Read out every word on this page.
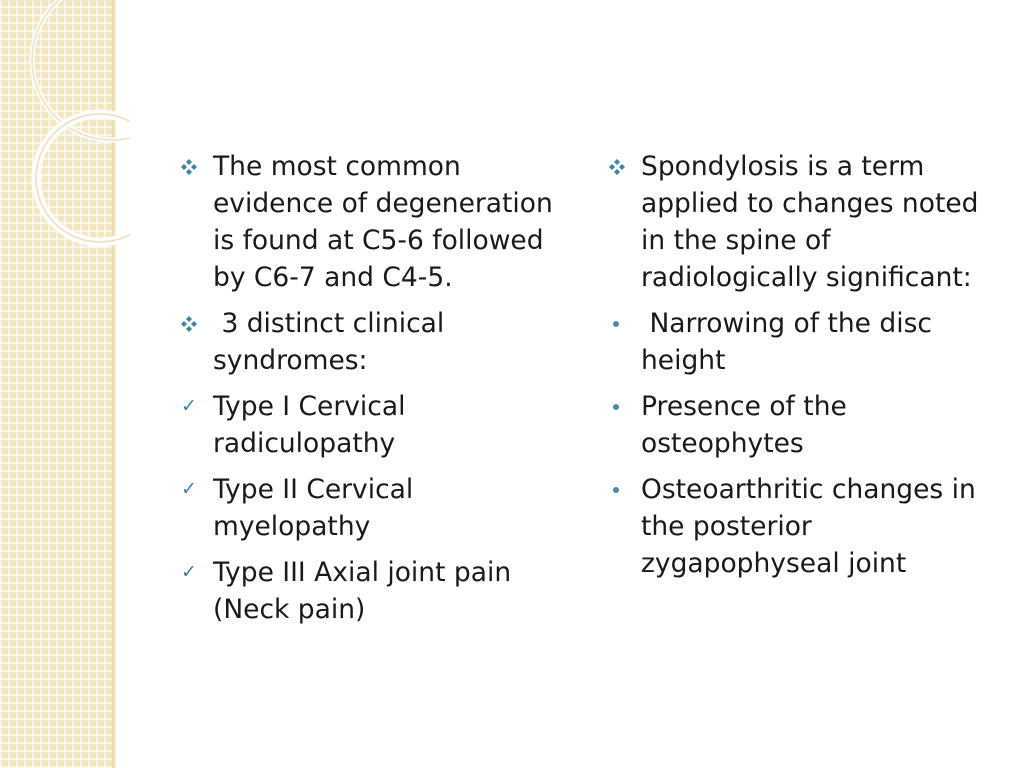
The most common evidence of degeneration is found at C5-6 followed by C6-7 and C4-5.
3 distinct clinical syndromes:
✓ Type I Cervical radiculopathy
✓ Type II Cervical myelopathy
✓ Type III Axial joint pain (Neck pain)
Spondylosis is a term applied to changes noted in the spine of radiologically significant:
Narrowing of the disc height
Presence of the osteophytes
Osteoarthritic changes in the posterior zygapophyseal joint
